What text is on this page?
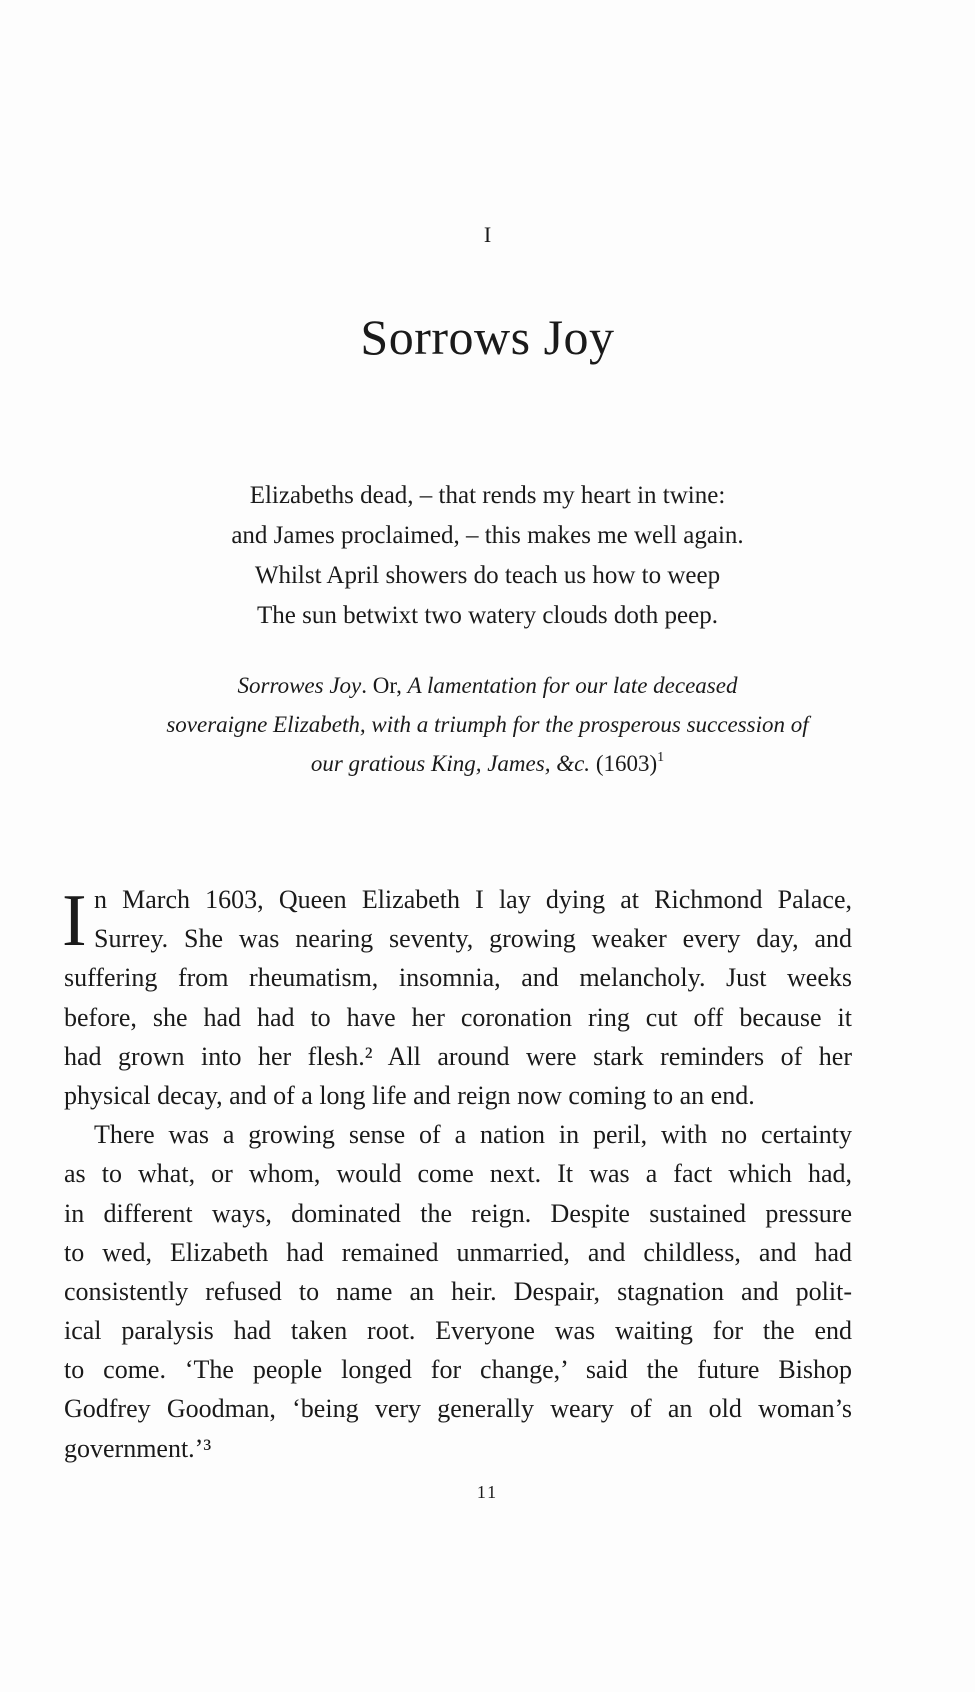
I
Sorrows Joy
Elizabeths dead, – that rends my heart in twine:
and James proclaimed, – this makes me well again.
Whilst April showers do teach us how to weep
The sun betwixt two watery clouds doth peep.
Sorrowes Joy. Or, A lamentation for our late deceased
soveraigne Elizabeth, with a triumph for the prosperous succession of
our gratious King, James, &c. $(1603)^1$
I n March 1603, Queen Elizabeth I lay dying at Richmond Palace,
Surrey. She was nearing seventy, growing weaker every day, and
suffering from rheumatism, insomnia, and melancholy. Just weeks
before, she had had to have her coronation ring cut off because it
had grown into her flesh.² All around were stark reminders of her
physical decay, and of a long life and reign now coming to an end.
There was a growing sense of a nation in peril, with no certainty
as to what, or whom, would come next. It was a fact which had,
in different ways, dominated the reign. Despite sustained pressure
to wed, Elizabeth had remained unmarried, and childless, and had
consistently refused to name an heir. Despair, stagnation and polit-
ical paralysis had taken root. Everyone was waiting for the end
to come. ‘The people longed for change,’ said the future Bishop
Godfrey Goodman, ‘being very generally weary of an old woman’s
government.’³
11
